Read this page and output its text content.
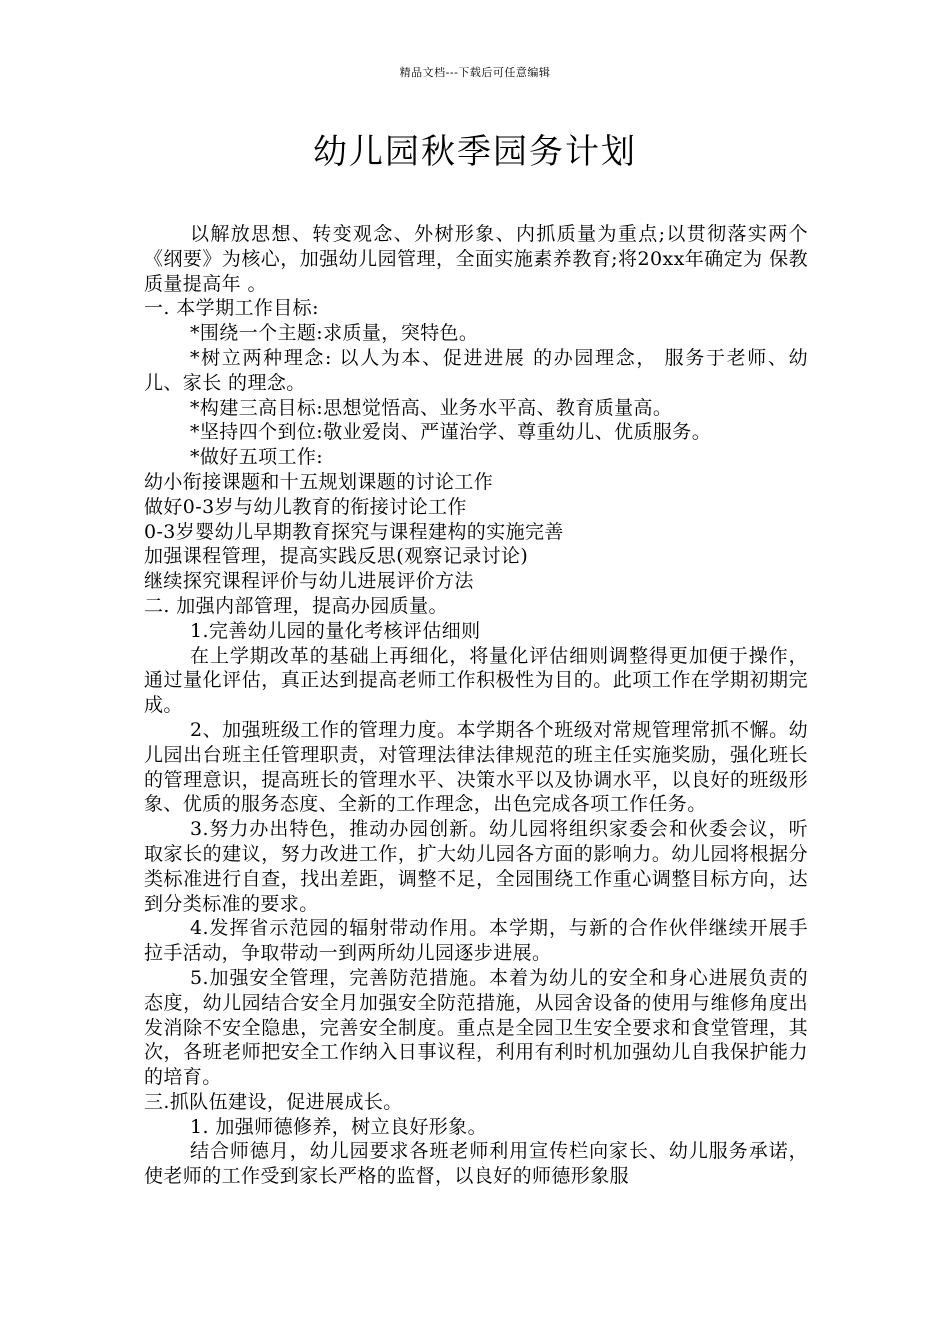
精品文档---下载后可任意编辑
幼儿园秋季园务计划

以解放思想、转变观念、外树形象、内抓质量为重点;以贯彻落实两个《纲要》为核心，加强幼儿园管理，全面实施素养教育;将20xx年确定为 保教质量提高年 。

一. 本学期工作目标:

*围绕一个主题:求质量，突特色。

*树立两种理念: 以人为本、促进进展 的办园理念， 服务于老师、幼儿、家长 的理念。

*构建三高目标:思想觉悟高、业务水平高、教育质量高。

*坚持四个到位:敬业爱岗、严谨治学、尊重幼儿、优质服务。

*做好五项工作:

幼小衔接课题和十五规划课题的讨论工作

做好0-3岁与幼儿教育的衔接讨论工作

0-3岁婴幼儿早期教育探究与课程建构的实施完善

加强课程管理，提高实践反思(观察记录讨论)

继续探究课程评价与幼儿进展评价方法

二. 加强内部管理，提高办园质量。

1.完善幼儿园的量化考核评估细则

在上学期改革的基础上再细化，将量化评估细则调整得更加便于操作，通过量化评估，真正达到提高老师工作积极性为目的。此项工作在学期初期完成。

2、加强班级工作的管理力度。本学期各个班级对常规管理常抓不懈。幼儿园出台班主任管理职责，对管理法律法律规范的班主任实施奖励，强化班长的管理意识，提高班长的管理水平、决策水平以及协调水平，以良好的班级形象、优质的服务态度、全新的工作理念，出色完成各项工作任务。

3.努力办出特色，推动办园创新。幼儿园将组织家委会和伙委会议，听取家长的建议，努力改进工作，扩大幼儿园各方面的影响力。幼儿园将根据分类标准进行自查，找出差距，调整不足，全园围绕工作重心调整目标方向，达到分类标准的要求。

4.发挥省示范园的辐射带动作用。本学期，与新的合作伙伴继续开展手拉手活动，争取带动一到两所幼儿园逐步进展。

5.加强安全管理，完善防范措施。本着为幼儿的安全和身心进展负责的态度，幼儿园结合安全月加强安全防范措施，从园舍设备的使用与维修角度出发消除不安全隐患，完善安全制度。重点是全园卫生安全要求和食堂管理，其次，各班老师把安全工作纳入日事议程，利用有利时机加强幼儿自我保护能力的培育。

三.抓队伍建设，促进展成长。

1. 加强师德修养，树立良好形象。

结合师德月，幼儿园要求各班老师利用宣传栏向家长、幼儿服务承诺，使老师的工作受到家长严格的监督，以良好的师德形象服
